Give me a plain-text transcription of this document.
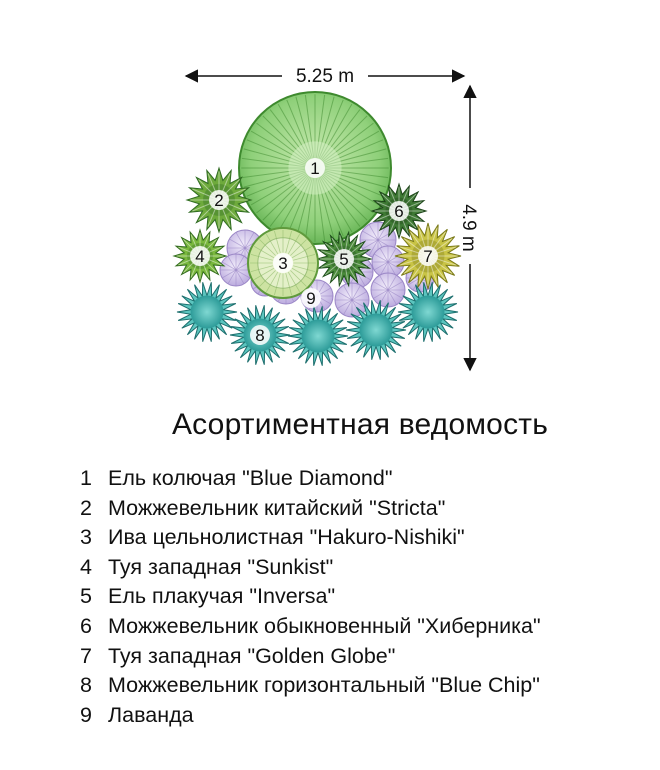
5.25 m
4.9 m
1
2
3
4	5
6
7
8
9
Асортиментная ведомость
1 Ель колючая "Blue Diamond"
2 Можжевельник китайский "Stricta"
3 Ива цельнолистная "Hakuro-Nishiki"
4 Туя западная "Sunkist"
5 Ель плакучая "Inversa"
6 Можжевельник обыкновенный "Хиберника"
7 Туя западная "Golden Globe"
8 Можжевельник горизонтальный "Blue Chip"
9 Лаванда
